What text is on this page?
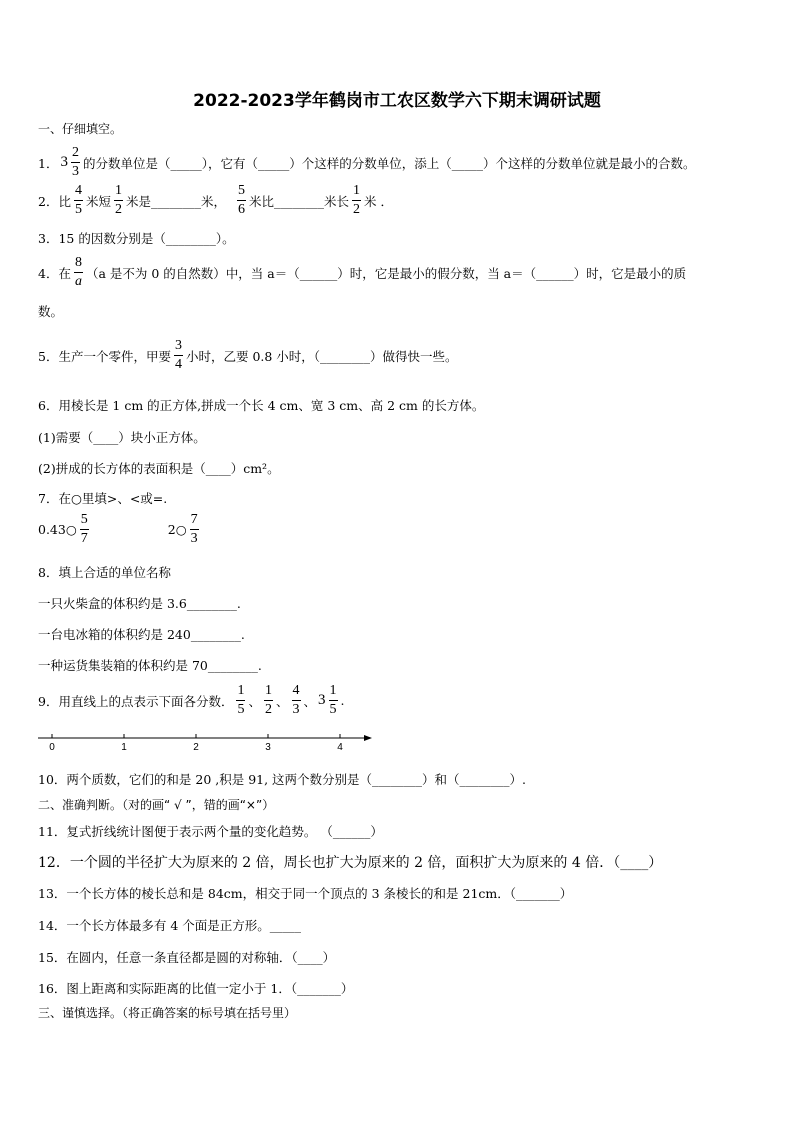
2022-2023学年鹤岗市工农区数学六下期末调研试题
一、仔细填空。
1． $3 \frac{2}{3}$ 的分数单位是（_____），它有（_____）个这样的分数单位，添上（_____）个这样的分数单位就是最小的合数。
2．比 $\frac{4}{5}$ 米短 $\frac{1}{2}$ 米是________米， $\frac{5}{6}$ 米比________米长 $\frac{1}{2}$ 米 ．
3．15 的因数分别是（________）。
4．在 $\frac{8}{a} (a$ 是不为 0 的自然数）中，当 a＝（______）时，它是最小的假分数，当 a＝（______）时，它是最小的质
数。
5．生产一个零件，甲要 $\frac{3}{4}$ 小时，乙要 0.8 小时，（________）做得快一些。
6．用棱长是 1 cm 的正方体,拼成一个长 4 cm、宽 3 cm、高 2 cm 的长方体。
(1)需要（____）块小正方体。
(2)拼成的长方体的表面积是（____）cm²。
7．在○里填>、<或=.
0.43○ $\frac{5}{7}$	2○ $\frac{7}{3}$
8．填上合适的单位名称
一只火柴盒的体积约是 3.6________.
一台电冰箱的体积约是 240________.
一种运货集装箱的体积约是 70________.
9．用直线上的点表示下面各分数． $\frac{1}{5}$ 、 $\frac{1}{2}$ 、 $\frac{4}{3}$ 、 $3 \frac{1}{5}$ .
0	1	2	3	4
10．两个质数，它们的和是 20 ,积是 91, 这两个数分别是（________）和（________）.
二、准确判断。（对的画“ √ ”，错的画“×”）
11．复式折线统计图便于表示两个量的变化趋势。 （______）
12．一个圆的半径扩大为原来的 2 倍，周长也扩大为原来的 2 倍，面积扩大为原来的 4 倍．（____）
13．一个长方体的棱长总和是 84cm，相交于同一个顶点的 3 条棱长的和是 21cm．（_______）
14．一个长方体最多有 4 个面是正方形。_____
15．在圆内，任意一条直径都是圆的对称轴．（____）
16．图上距离和实际距离的比值一定小于 1．（_______）
三、谨慎选择。（将正确答案的标号填在括号里）
